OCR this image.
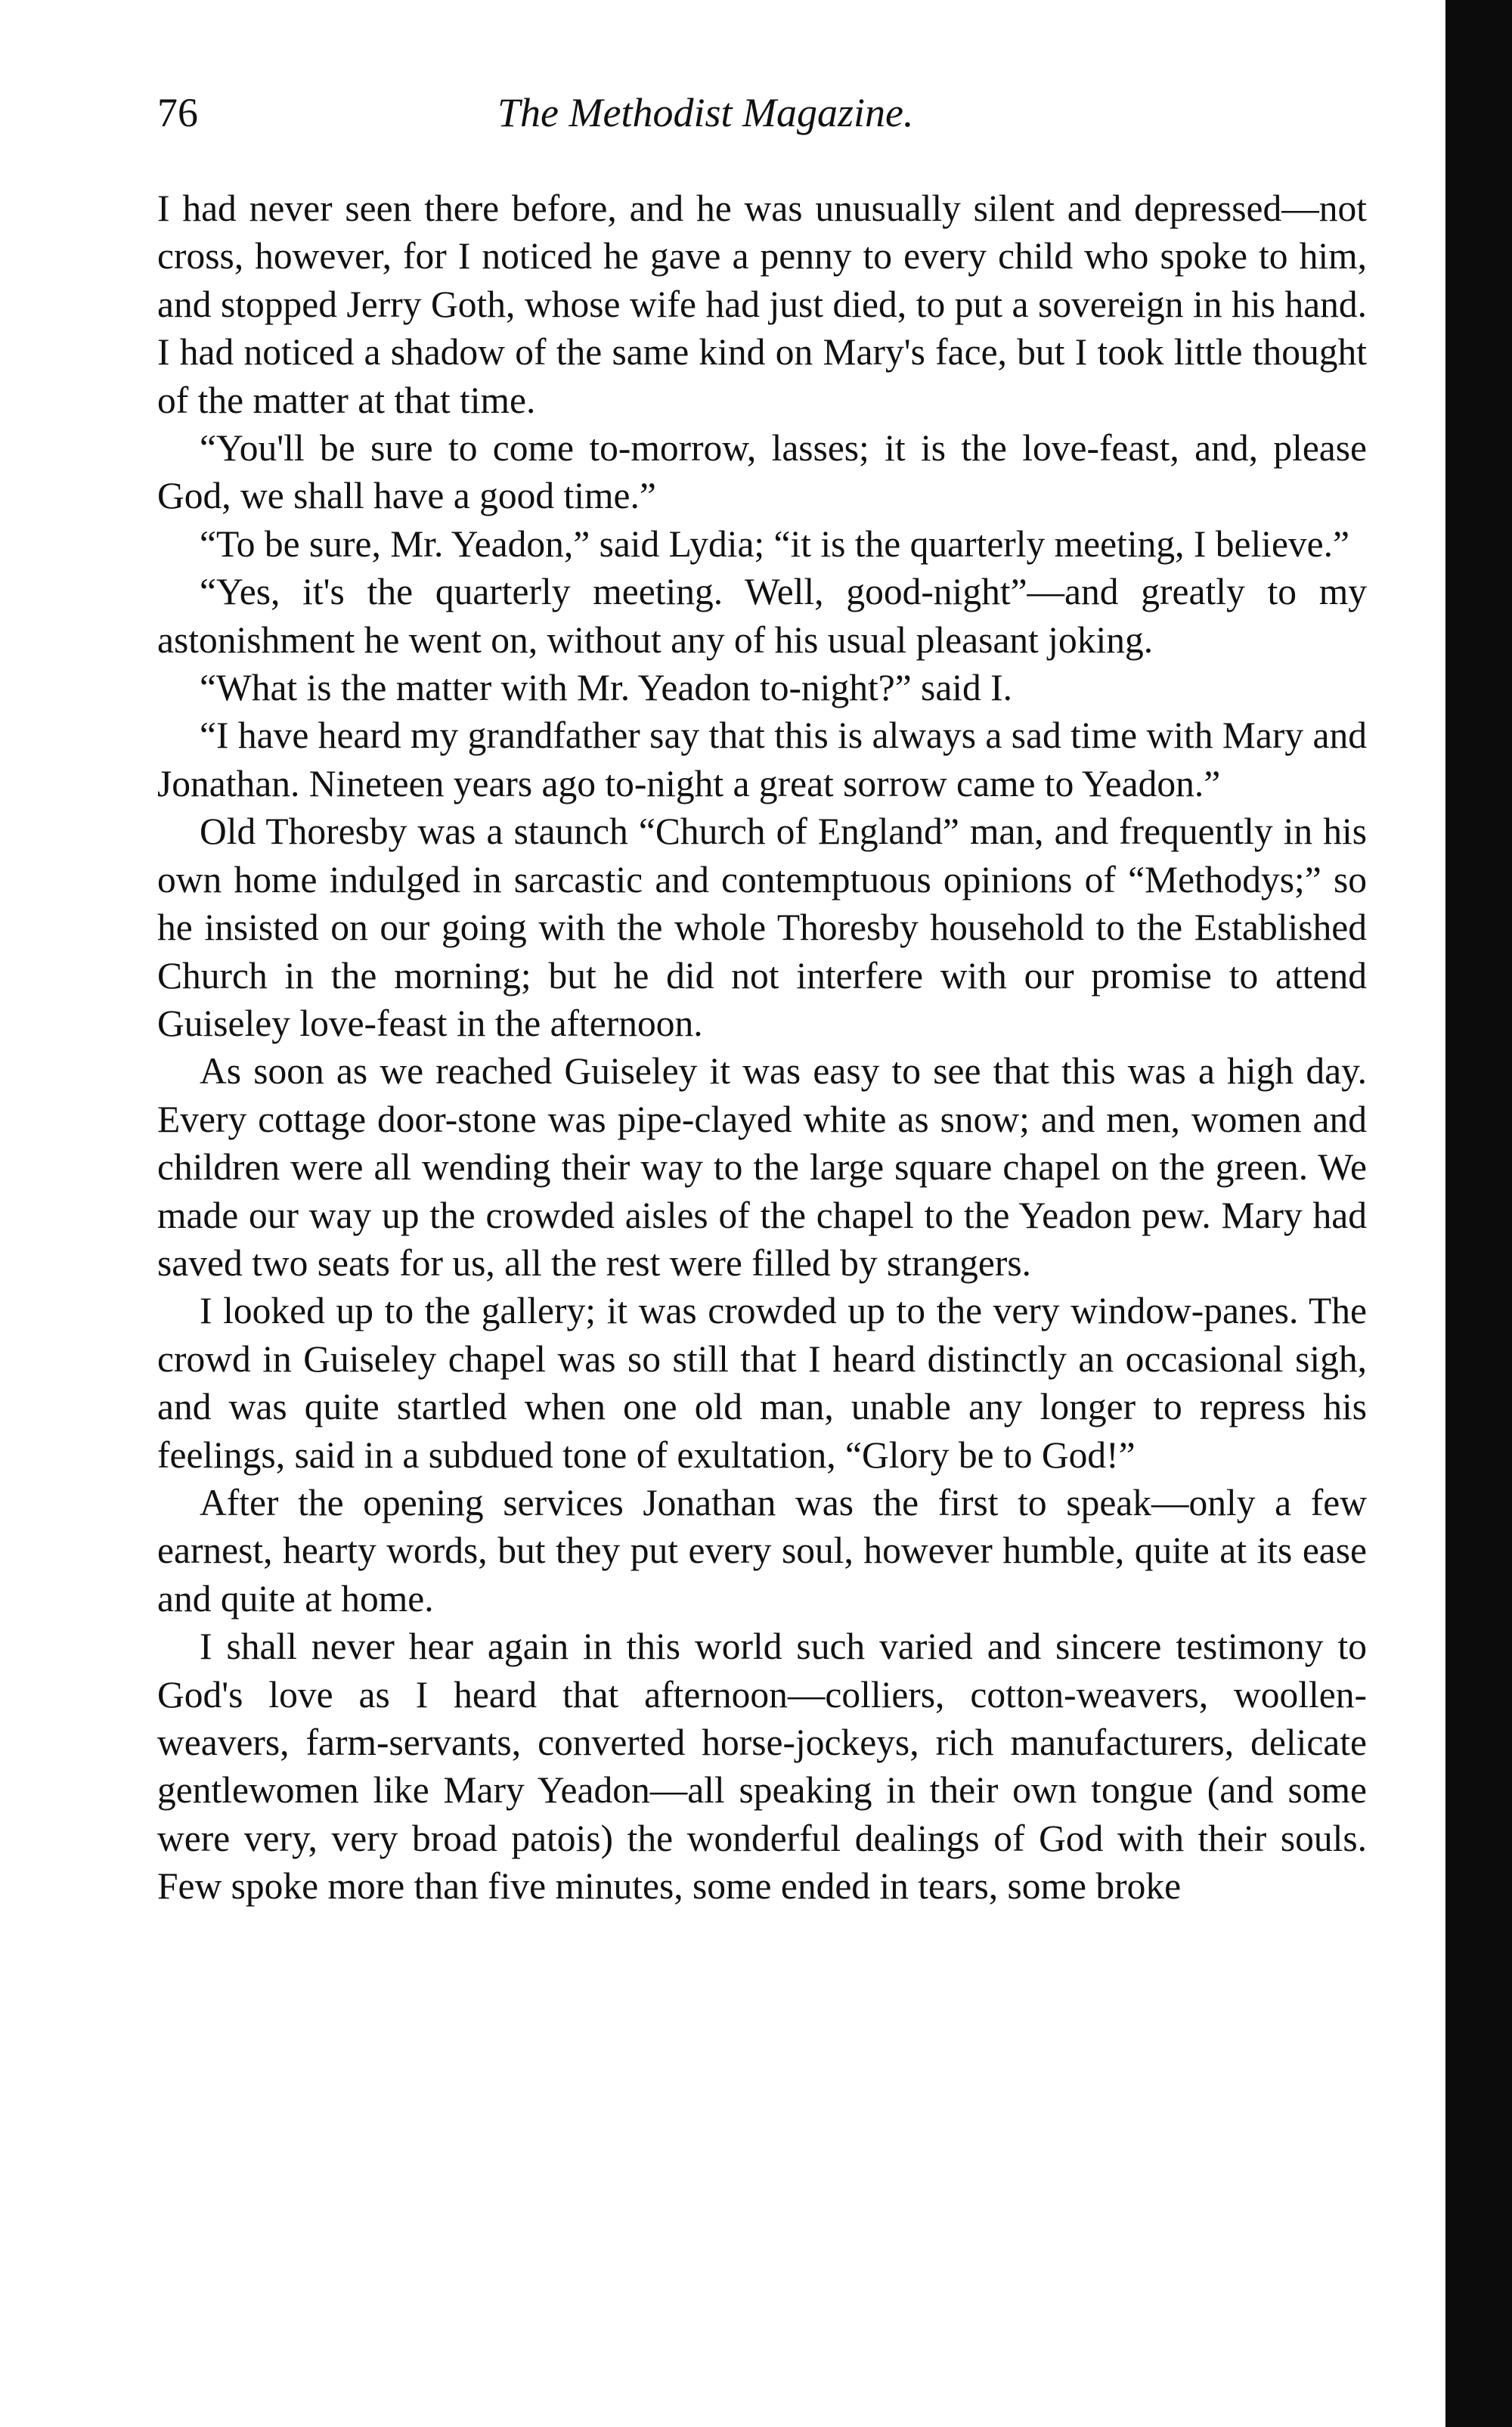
76	The Methodist Magazine.

I had never seen there before, and he was unusually silent and depressed—not cross, however, for I noticed he gave a penny to every child who spoke to him, and stopped Jerry Goth, whose wife had just died, to put a sovereign in his hand. I had noticed a shadow of the same kind on Mary's face, but I took little thought of the matter at that time.

“You'll be sure to come to-morrow, lasses; it is the love-feast, and, please God, we shall have a good time.”

“To be sure, Mr. Yeadon,” said Lydia; “it is the quarterly meeting, I believe.”

“Yes, it's the quarterly meeting. Well, good-night”—and greatly to my astonishment he went on, without any of his usual pleasant joking.

“What is the matter with Mr. Yeadon to-night?” said I.

“I have heard my grandfather say that this is always a sad time with Mary and Jonathan. Nineteen years ago to-night a great sorrow came to Yeadon.”

Old Thoresby was a staunch “Church of England” man, and frequently in his own home indulged in sarcastic and contemptuous opinions of “Methodys;” so he insisted on our going with the whole Thoresby household to the Established Church in the morning; but he did not interfere with our promise to attend Guiseley love-feast in the afternoon.

As soon as we reached Guiseley it was easy to see that this was a high day. Every cottage door-stone was pipe-clayed white as snow; and men, women and children were all wending their way to the large square chapel on the green. We made our way up the crowded aisles of the chapel to the Yeadon pew. Mary had saved two seats for us, all the rest were filled by strangers.

I looked up to the gallery; it was crowded up to the very window-panes. The crowd in Guiseley chapel was so still that I heard distinctly an occasional sigh, and was quite startled when one old man, unable any longer to repress his feelings, said in a subdued tone of exultation, “Glory be to God!”

After the opening services Jonathan was the first to speak—only a few earnest, hearty words, but they put every soul, however humble, quite at its ease and quite at home.

I shall never hear again in this world such varied and sincere testimony to God's love as I heard that afternoon—colliers, cotton-weavers, woollen-weavers, farm-servants, converted horse-jockeys, rich manufacturers, delicate gentlewomen like Mary Yeadon—all speaking in their own tongue (and some were very, very broad patois) the wonderful dealings of God with their souls. Few spoke more than five minutes, some ended in tears, some broke
